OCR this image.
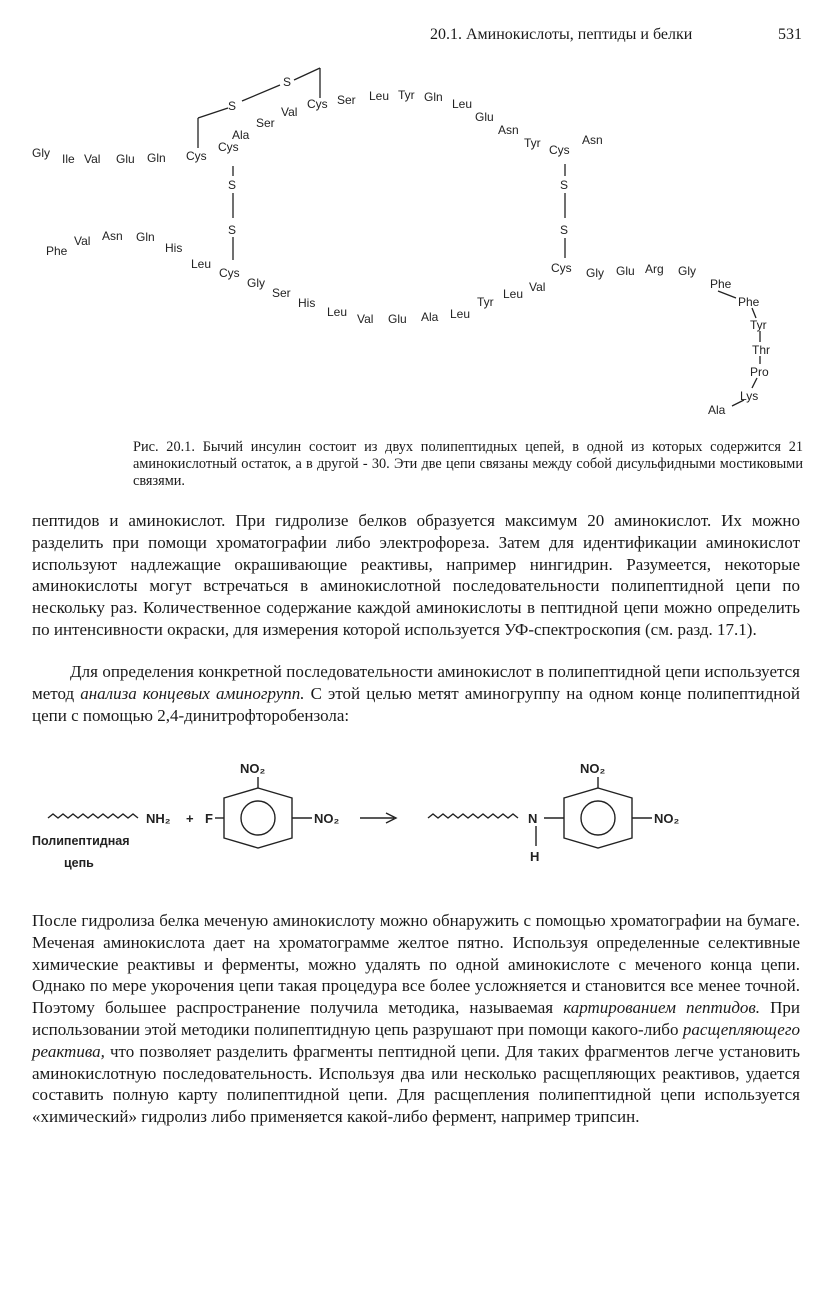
20.1. Аминокислоты, пептиды и белки	531
S
S
S
S
S
S
Gly Ile Val Glu Gln Cys
Cys
Ala
Ser
Val
Cys Ser Leu Tyr Gln Leu
Glu
Asn
Tyr Cys
Asn
Phe
Val Asn Gln
His
Leu
Cys
Gly
Ser
His
Leu Val Glu Ala Leu
Tyr
Leu Val
Cys Gly Glu Arg Gly
Phe
Phe
Tyr
Thr
Pro
Lys
Ala
Рис. 20.1. Бычий инсулин состоит из двух полипептидных цепей, в одной из которых содержится 21 аминокислотный остаток, а в другой - 30. Эти две цепи связаны между собой дисульфидными мостиковыми связями.

пептидов и аминокислот. При гидролизе белков образуется максимум 20 аминокислот. Их можно разделить при помощи хроматографии либо электрофореза. Затем для идентификации аминокислот используют надлежащие окрашивающие реактивы, например нингидрин. Разумеется, некоторые аминокислоты могут встречаться в аминокислотной последовательности полипептидной цепи по нескольку раз. Количественное содержание каждой аминокислоты в пептидной цепи можно определить по интенсивности окраски, для измерения которой используется УФ-спектроскопия (см. разд. 17.1).

Для определения конкретной последовательности аминокислот в полипептидной цепи используется метод анализа концевых аминогрупп. С этой целью метят аминогруппу на одном конце полипептидной цепи с помощью 2,4-динитрофторобензола:

NH₂ + F
NO₂
NO₂	N
H
NO₂
NO₂
Полипептидная
цепь

После гидролиза белка меченую аминокислоту можно обнаружить с помощью хроматографии на бумаге. Меченая аминокислота дает на хроматограмме желтое пятно. Используя определенные селективные химические реактивы и ферменты, можно удалять по одной аминокислоте с меченого конца цепи. Однако по мере укорочения цепи такая процедура все более усложняется и становится все менее точной. Поэтому большее распространение получила методика, называемая картированием пептидов. При использовании этой методики полипептидную цепь разрушают при помощи какого-либо расщепляющего реактива, что позволяет разделить фрагменты пептидной цепи. Для таких фрагментов легче установить аминокислотную последовательность. Используя два или несколько расщепляющих реактивов, удается составить полную карту полипептидной цепи. Для расщепления полипептидной цепи используется «химический» гидролиз либо применяется какой-либо фермент, например трипсин.
